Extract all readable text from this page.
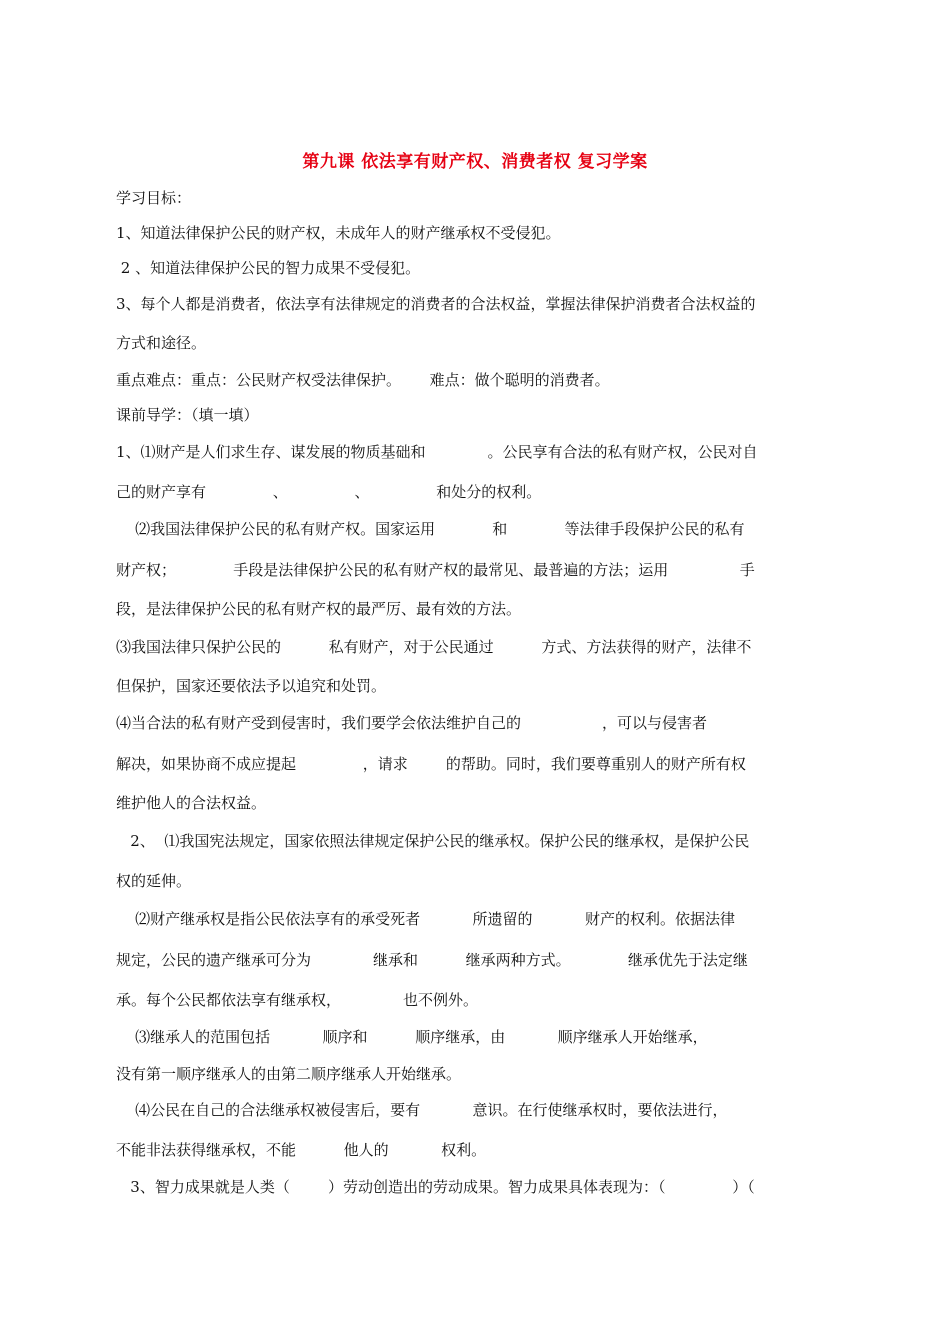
第九课 依法享有财产权、消费者权 复习学案
学习目标：
1、知道法律保护公民的财产权，未成年人的财产继承权不受侵犯。
2 、知道法律保护公民的智力成果不受侵犯。
3、每个人都是消费者，依法享有法律规定的消费者的合法权益，掌握法律保护消费者合法权益的
方式和途径。
重点难点：重点：公民财产权受法律保护。      难点：做个聪明的消费者。
课前导学：（填一填）
1、⑴财产是人们求生存、谋发展的物质基础和             。公民享有合法的私有财产权，公民对自
己的财产享有              、              、              和处分的权利。
⑵我国法律保护公民的私有财产权。国家运用            和            等法律手段保护公民的私有
财产权；            手段是法律保护公民的私有财产权的最常见、最普遍的方法；运用               手
段，是法律保护公民的私有财产权的最严厉、最有效的方法。
⑶我国法律只保护公民的          私有财产，对于公民通过          方式、方法获得的财产，法律不
但保护，国家还要依法予以追究和处罚。
⑷当合法的私有财产受到侵害时，我们要学会依法维护自己的                 ，可以与侵害者
解决，如果协商不成应提起              ，请求        的帮助。同时，我们要尊重别人的财产所有权
维护他人的合法权益。
2、  ⑴我国宪法规定，国家依照法律规定保护公民的继承权。保护公民的继承权，是保护公民
权的延伸。
⑵财产继承权是指公民依法享有的承受死者           所遗留的           财产的权利。依据法律
规定，公民的遗产继承可分为             继承和          继承两种方式。            继承优先于法定继
承。每个公民都依法享有继承权，             也不例外。
⑶继承人的范围包括           顺序和          顺序继承，由           顺序继承人开始继承，
没有第一顺序继承人的由第二顺序继承人开始继承。
⑷公民在自己的合法继承权被侵害后，要有           意识。在行使继承权时，要依法进行，
不能非法获得继承权，不能          他人的           权利。
3、智力成果就是人类（        ）劳动创造出的劳动成果。智力成果具体表现为：（              ）（
